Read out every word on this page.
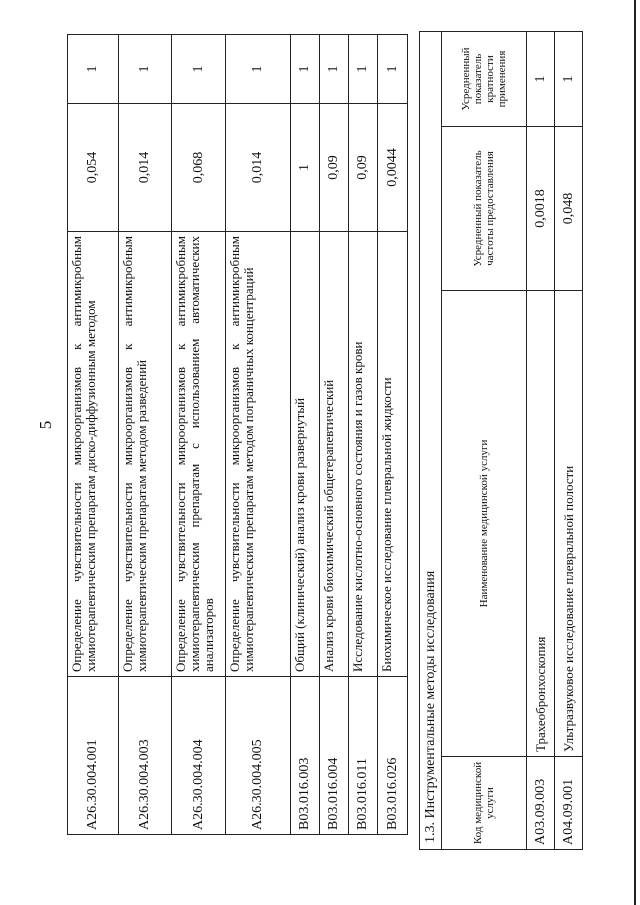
5
A26.30.004.001	Определение чувствительности микроорганизмов к антимикробным химиотерапевтическим препаратам диско-диффузионным методом	0,054	1
A26.30.004.003	Определение чувствительности микроорганизмов к антимикробным химиотерапевтическим препаратам методом разведений	0,014	1
A26.30.004.004	Определение чувствительности микроорганизмов к антимикробным химиотерапевтическим препаратам с использованием автоматических анализаторов	0,068	1
A26.30.004.005	Определение чувствительности микроорганизмов к антимикробным химиотерапевтическим препаратам методом пограничных концентраций	0,014	1
B03.016.003	Общий (клинический) анализ крови развернутый	1	1
B03.016.004	Анализ крови биохимический общетерапевтический	0,09	1
B03.016.011	Исследование кислотно-основного состояния и газов крови	0,09	1
B03.016.026	Биохимическое исследование плевральной жидкости	0,0044	1
1.3. Инструментальные методы исследования			
Код медицинской услуги	Наименование медицинской услуги	Усредненный показатель частоты предоставления	Усредненный показатель кратности применения
A03.09.003	Трахеобронхоскопия	0,0018	1
A04.09.001	Ультразвуковое исследование плевральной полости	0,048	1
